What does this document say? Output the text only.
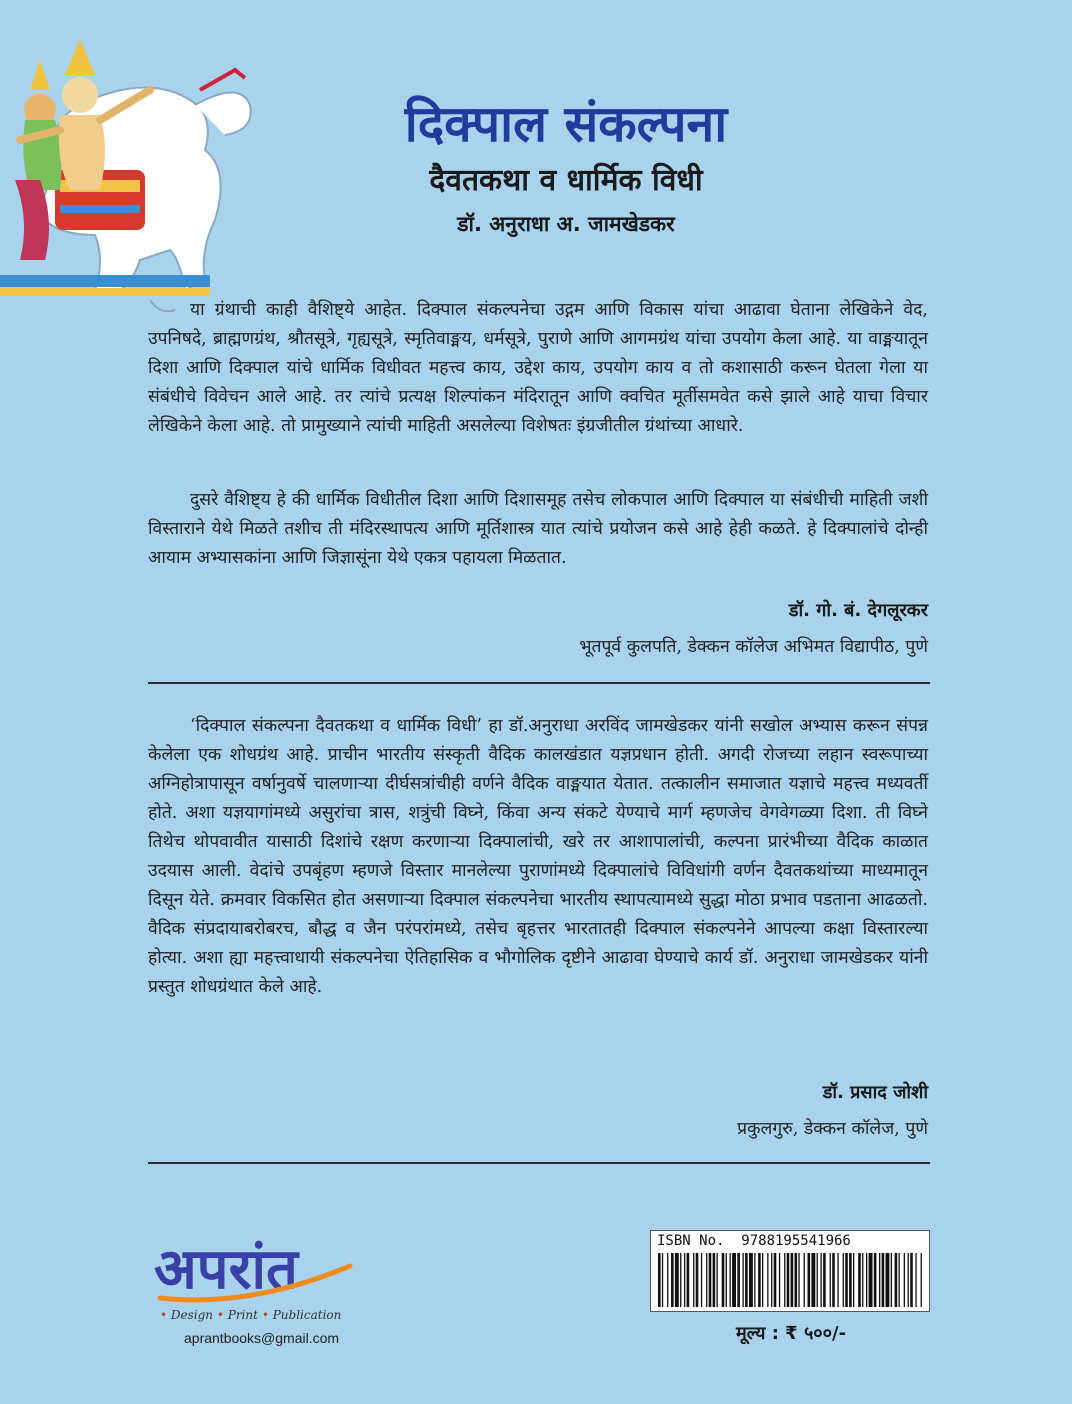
दिक्पाल संकल्पना
दैवतकथा व धार्मिक विधी
डॉ. अनुराधा अ. जामखेडकर

या ग्रंथाची काही वैशिष्ट्ये आहेत. दिक्पाल संकल्पनेचा उद्गम आणि विकास यांचा आढावा घेताना लेखिकेने वेद, उपनिषदे, ब्राह्मणग्रंथ, श्रौतसूत्रे, गृह्यसूत्रे, स्मृतिवाङ्मय, धर्मसूत्रे, पुराणे आणि आगमग्रंथ यांचा उपयोग केला आहे. या वाङ्मयातून दिशा आणि दिक्पाल यांचे धार्मिक विधीवत महत्त्व काय, उद्देश काय, उपयोग काय व तो कशासाठी करून घेतला गेला या संबंधीचे विवेचन आले आहे. तर त्यांचे प्रत्यक्ष शिल्पांकन मंदिरातून आणि क्वचित मूर्तीसमवेत कसे झाले आहे याचा विचार लेखिकेने केला आहे. तो प्रामुख्याने त्यांची माहिती असलेल्या विशेषतः इंग्रजीतील ग्रंथांच्या आधारे.

दुसरे वैशिष्ट्य हे की धार्मिक विधीतील दिशा आणि दिशासमूह तसेच लोकपाल आणि दिक्पाल या संबंधीची माहिती जशी विस्ताराने येथे मिळते तशीच ती मंदिरस्थापत्य आणि मूर्तिशास्त्र यात त्यांचे प्रयोजन कसे आहे हेही कळते. हे दिक्पालांचे दोन्ही आयाम अभ्यासकांना आणि जिज्ञासूंना येथे एकत्र पहायला मिळतात.

डॉ. गो. बं. देगलूरकर
भूतपूर्व कुलपति, डेक्कन कॉलेज अभिमत विद्यापीठ, पुणे

‘दिक्पाल संकल्पना दैवतकथा व धार्मिक विधी’ हा डॉ.अनुराधा अरविंद जामखेडकर यांनी सखोल अभ्यास करून संपन्न केलेला एक शोधग्रंथ आहे. प्राचीन भारतीय संस्कृती वैदिक कालखंडात यज्ञप्रधान होती. अगदी रोजच्या लहान स्वरूपाच्या अग्निहोत्रापासून वर्षानुवर्षे चालणाऱ्या दीर्घसत्रांचीही वर्णने वैदिक वाङ्मयात येतात. तत्कालीन समाजात यज्ञाचे महत्त्व मध्यवर्ती होते. अशा यज्ञयागांमध्ये असुरांचा त्रास, शत्रुंची विघ्ने, किंवा अन्य संकटे येण्याचे मार्ग म्हणजेच वेगवेगळ्या दिशा. ती विघ्ने तिथेच थोपवावीत यासाठी दिशांचे रक्षण करणाऱ्या दिक्पालांची, खरे तर आशापालांची, कल्पना प्रारंभीच्या वैदिक काळात उदयास आली. वेदांचे उपबृंहण म्हणजे विस्तार मानलेल्या पुराणांमध्ये दिक्पालांचे विविधांगी वर्णन दैवतकथांच्या माध्यमातून दिसून येते. क्रमवार विकसित होत असणाऱ्या दिक्पाल संकल्पनेचा भारतीय स्थापत्यामध्ये सुद्धा मोठा प्रभाव पडताना आढळतो. वैदिक संप्रदायाबरोबरच, बौद्ध व जैन परंपरांमध्ये, तसेच बृहत्तर भारतातही दिक्पाल संकल्पनेने आपल्या कक्षा विस्तारल्या होत्या. अशा ह्या महत्त्वाधायी संकल्पनेचा ऐतिहासिक व भौगोलिक दृष्टीने आढावा घेण्याचे कार्य डॉ. अनुराधा जामखेडकर यांनी प्रस्तुत शोधग्रंथात केले आहे.

डॉ. प्रसाद जोशी
प्रकुलगुरु, डेक्कन कॉलेज, पुणे
अपरांत
• Design • Print • Publication
aprantbooks@gmail.com
ISBN No.  9788195541966
मूल्य : ₹ ५००/-
